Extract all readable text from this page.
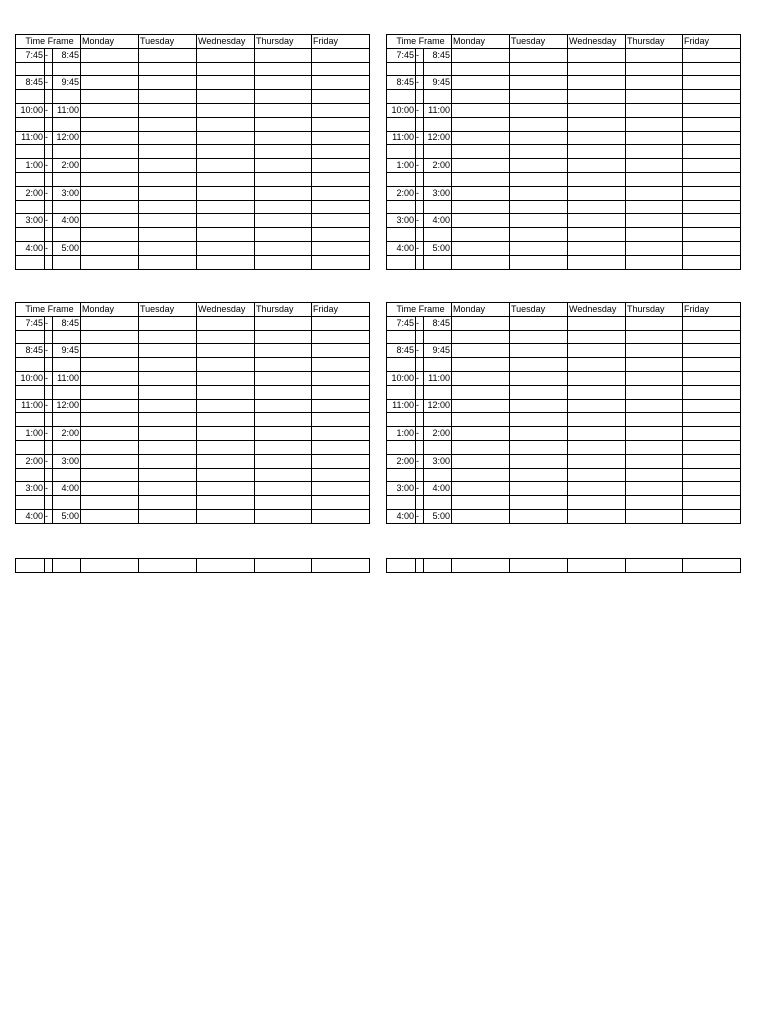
Time Frame			Monday	Tuesday	Wednesday	Thursday	Friday
7:45	-	8:45					

8:45	-	9:45					

10:00	-	11:00					

11:00	-	12:00					

1:00	-	2:00					

2:00	-	3:00					

3:00	-	4:00					

4:00	-	5:00					

Time Frame			Monday	Tuesday	Wednesday	Thursday	Friday
7:45	-	8:45					

8:45	-	9:45					

10:00	-	11:00					

11:00	-	12:00					

1:00	-	2:00					

2:00	-	3:00					

3:00	-	4:00					

4:00	-	5:00					

Time Frame			Monday	Tuesday	Wednesday	Thursday	Friday
7:45	-	8:45					

8:45	-	9:45					

10:00	-	11:00					

11:00	-	12:00					

1:00	-	2:00					

2:00	-	3:00					

3:00	-	4:00					

4:00	-	5:00					
Time Frame			Monday	Tuesday	Wednesday	Thursday	Friday
7:45	-	8:45					

8:45	-	9:45					

10:00	-	11:00					

11:00	-	12:00					

1:00	-	2:00					

2:00	-	3:00					

3:00	-	4:00					

4:00	-	5:00					
